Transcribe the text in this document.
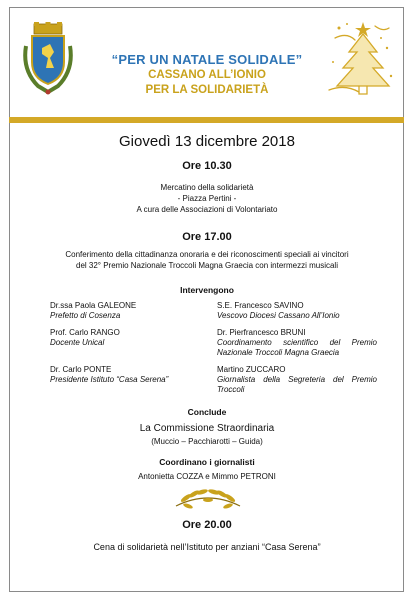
“PER UN NATALE SOLIDALE”
CASSANO ALL’IONIO
PER LA SOLIDARIETÀ
Giovedì 13 dicembre 2018
Ore 10.30
Mercatino della solidarietà
- Piazza Pertini -
A cura delle Associazioni di Volontariato
Ore 17.00
Conferimento della cittadinanza onoraria e dei riconoscimenti speciali ai vincitori
del 32° Premio Nazionale Troccoli Magna Graecia con intermezzi musicali
Intervengono
Dr.ssa Paola GALEONE
Prefetto di Cosenza
Prof. Carlo RANGO
Docente Unical
Dr. Carlo PONTE
Presidente Istituto “Casa Serena”
S.E. Francesco SAVINO
Vescovo Diocesi Cassano All’Ionio
Dr. Pierfrancesco BRUNI
Coordinamento scientifico del Premio Nazionale Troccoli Magna Graecia
Martino ZUCCARO
Giornalista della Segreteria del Premio Troccoli
Conclude
La Commissione Straordinaria
(Muccio – Pacchiarotti – Guida)
Coordinano i giornalisti
Antonietta COZZA e Mimmo PETRONI
Ore 20.00
Cena di solidarietà nell’Istituto per anziani “Casa Serena”
